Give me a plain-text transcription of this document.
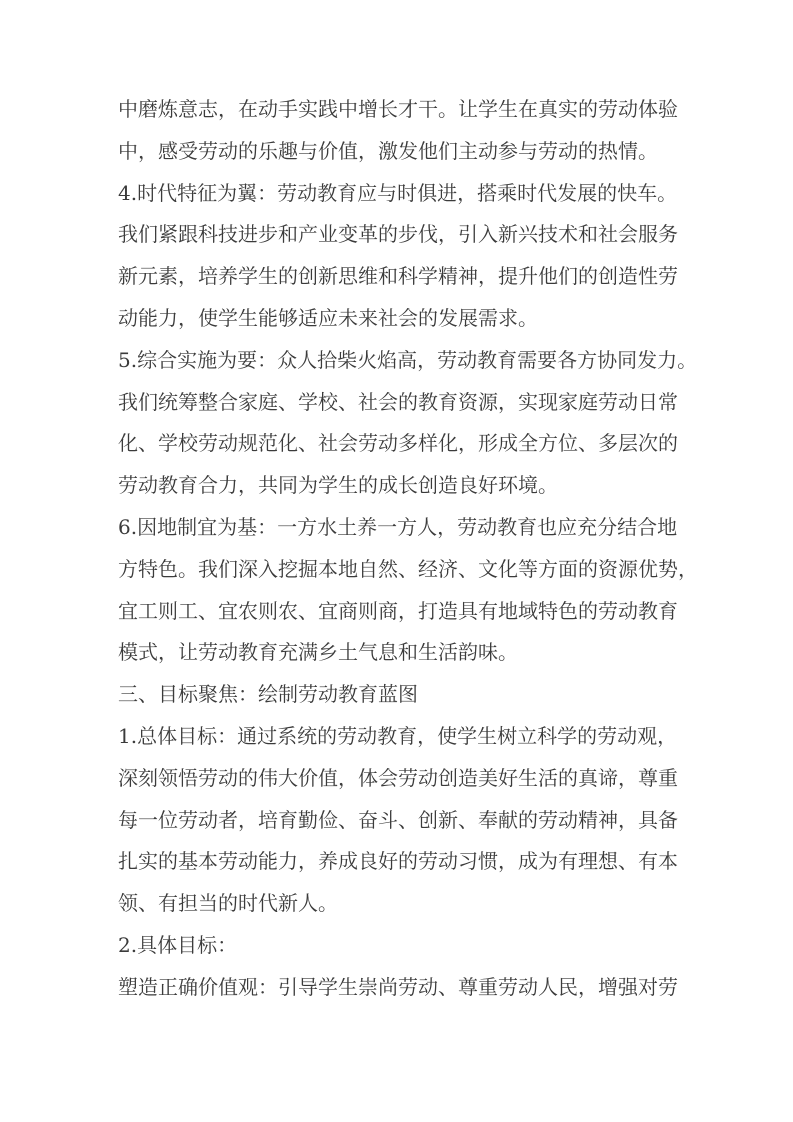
中磨炼意志，在动手实践中增长才干。让学生在真实的劳动体验
中，感受劳动的乐趣与价值，激发他们主动参与劳动的热情。
4.时代特征为翼：劳动教育应与时俱进，搭乘时代发展的快车。
我们紧跟科技进步和产业变革的步伐，引入新兴技术和社会服务
新元素，培养学生的创新思维和科学精神，提升他们的创造性劳
动能力，使学生能够适应未来社会的发展需求。
5.综合实施为要：众人拾柴火焰高，劳动教育需要各方协同发力。
我们统筹整合家庭、学校、社会的教育资源，实现家庭劳动日常
化、学校劳动规范化、社会劳动多样化，形成全方位、多层次的
劳动教育合力，共同为学生的成长创造良好环境。
6.因地制宜为基：一方水土养一方人，劳动教育也应充分结合地
方特色。我们深入挖掘本地自然、经济、文化等方面的资源优势，
宜工则工、宜农则农、宜商则商，打造具有地域特色的劳动教育
模式，让劳动教育充满乡土气息和生活韵味。
三、目标聚焦：绘制劳动教育蓝图
1.总体目标：通过系统的劳动教育，使学生树立科学的劳动观，
深刻领悟劳动的伟大价值，体会劳动创造美好生活的真谛，尊重
每一位劳动者，培育勤俭、奋斗、创新、奉献的劳动精神，具备
扎实的基本劳动能力，养成良好的劳动习惯，成为有理想、有本
领、有担当的时代新人。
2.具体目标：
塑造正确价值观：引导学生崇尚劳动、尊重劳动人民，增强对劳
